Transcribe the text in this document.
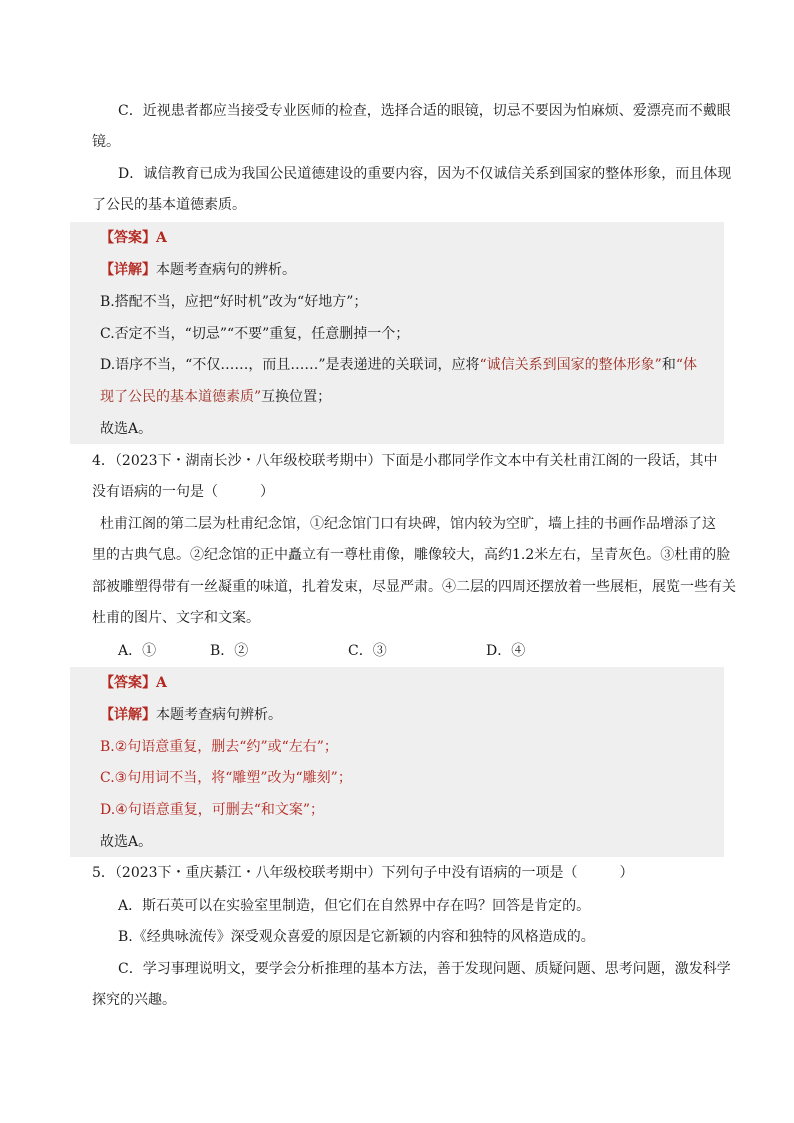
C．近视患者都应当接受专业医师的检查，选择合适的眼镜，切忌不要因为怕麻烦、爱漂亮而不戴眼
镜。
D．诚信教育已成为我国公民道德建设的重要内容，因为不仅诚信关系到国家的整体形象，而且体现
了公民的基本道德素质。
【答案】A
【详解】本题考查病句的辨析。
B.搭配不当，应把“好时机”改为“好地方”；
C.否定不当，“切忌”“不要”重复，任意删掉一个；
D.语序不当，“不仅……，而且……”是表递进的关联词，应将“诚信关系到国家的整体形象”和“体
现了公民的基本道德素质”互换位置；
故选A。
4．（2023下・湖南长沙・八年级校联考期中）下面是小郡同学作文本中有关杜甫江阁的一段话，其中
没有语病的一句是（　　　）
杜甫江阁的第二层为杜甫纪念馆，①纪念馆门口有块碑，馆内较为空旷，墙上挂的书画作品增添了这
里的古典气息。②纪念馆的正中矗立有一尊杜甫像，雕像较大，高约1.2米左右，呈青灰色。③杜甫的脸
部被雕塑得带有一丝凝重的味道，扎着发束，尽显严肃。④二层的四周还摆放着一些展柜，展览一些有关
杜甫的图片、文字和文案。
A．①	B．②	C．③	D．④
【答案】A
【详解】本题考查病句辨析。
B.②句语意重复，删去“约”或“左右”；
C.③句用词不当，将“雕塑”改为“雕刻”；
D.④句语意重复，可删去“和文案”；
故选A。
5．（2023下・重庆綦江・八年级校联考期中）下列句子中没有语病的一项是（　　　）
A．斯石英可以在实验室里制造，但它们在自然界中存在吗？回答是肯定的。
B.《经典咏流传》深受观众喜爱的原因是它新颖的内容和独特的风格造成的。
C．学习事理说明文，要学会分析推理的基本方法，善于发现问题、质疑问题、思考问题，激发科学
探究的兴趣。
